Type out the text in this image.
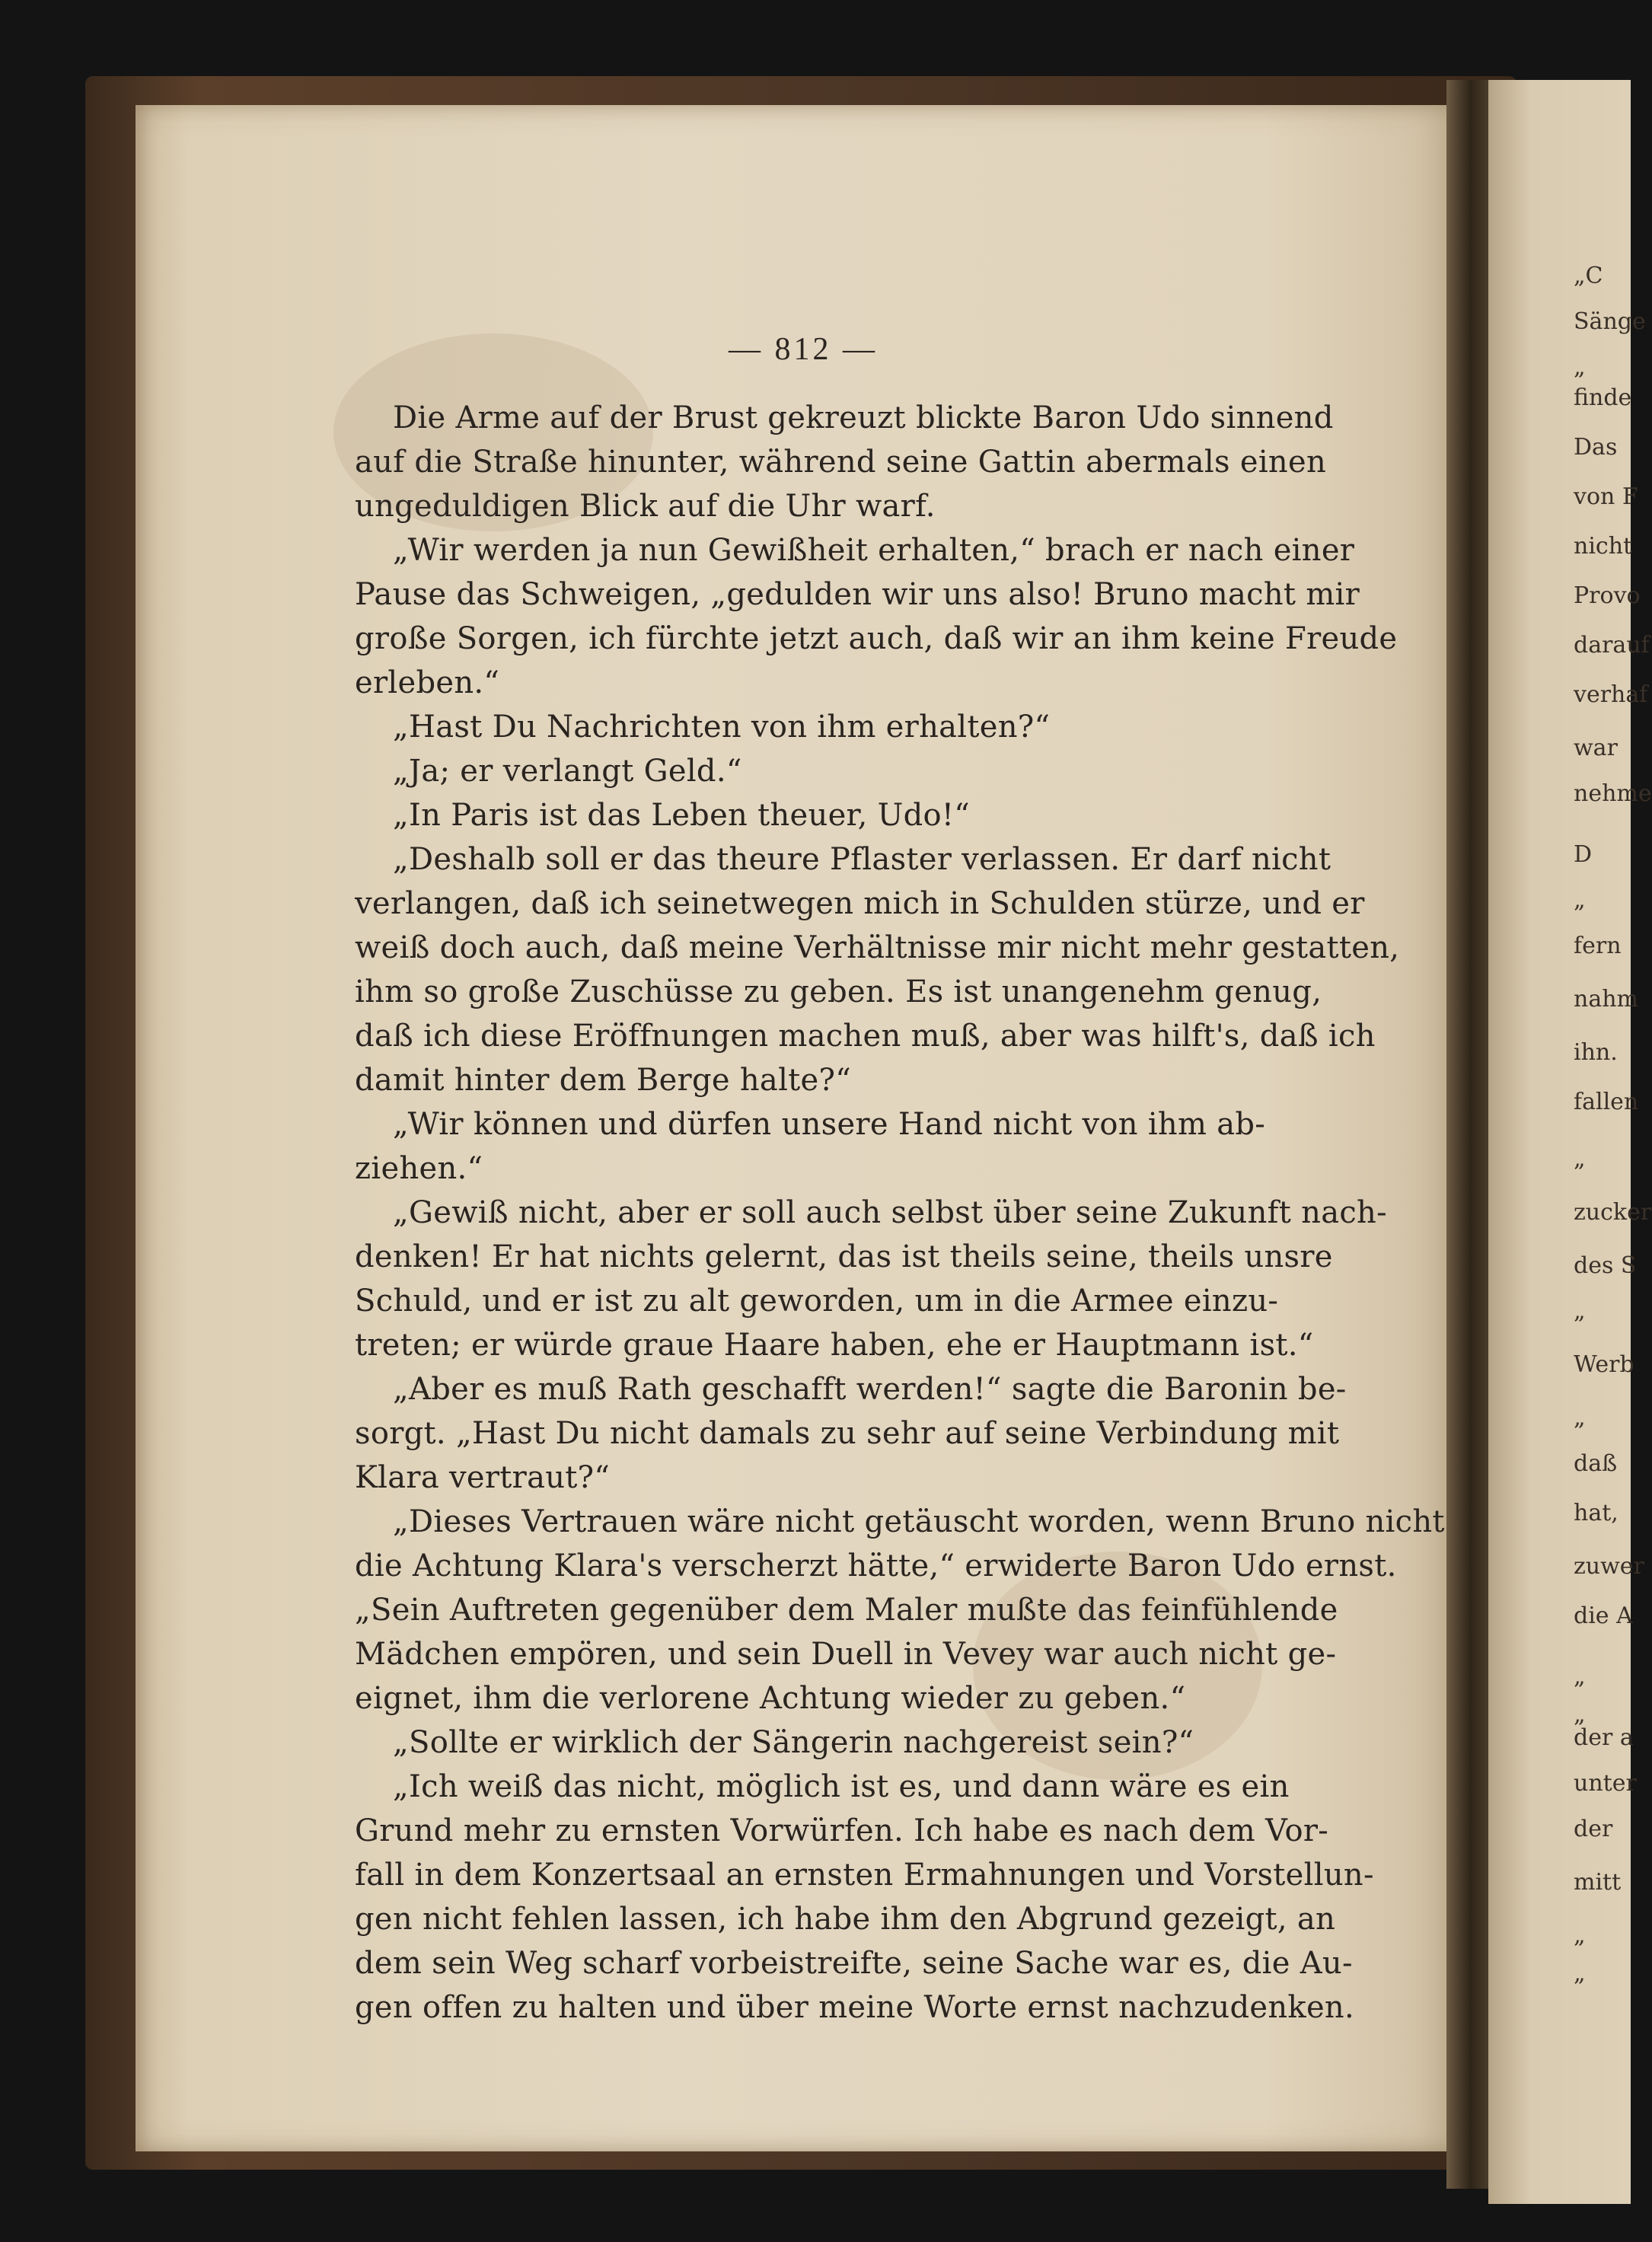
„C
Sänge
„
finde
Das
von F
nicht
Provo
darauf
verhaf
war
nehme
D
„
fern
nahm
ihn.
fallen
„
zucker
des S
„
Werb
„
daß
hat,
zuwer
die A
„
„
der a
unter
der
mitt
„
„
— 812 —
Die Arme auf der Brust gekreuzt blickte Baron Udo sinnend
auf die Straße hinunter, während seine Gattin abermals einen
ungeduldigen Blick auf die Uhr warf.
„Wir werden ja nun Gewißheit erhalten,“ brach er nach einer
Pause das Schweigen, „gedulden wir uns also! Bruno macht mir
große Sorgen, ich fürchte jetzt auch, daß wir an ihm keine Freude
erleben.“
„Hast Du Nachrichten von ihm erhalten?“
„Ja; er verlangt Geld.“
„In Paris ist das Leben theuer, Udo!“
„Deshalb soll er das theure Pflaster verlassen. Er darf nicht
verlangen, daß ich seinetwegen mich in Schulden stürze, und er
weiß doch auch, daß meine Verhältnisse mir nicht mehr gestatten,
ihm so große Zuschüsse zu geben. Es ist unangenehm genug,
daß ich diese Eröffnungen machen muß, aber was hilft's, daß ich
damit hinter dem Berge halte?“
„Wir können und dürfen unsere Hand nicht von ihm ab-
ziehen.“
„Gewiß nicht, aber er soll auch selbst über seine Zukunft nach-
denken! Er hat nichts gelernt, das ist theils seine, theils unsre
Schuld, und er ist zu alt geworden, um in die Armee einzu-
treten; er würde graue Haare haben, ehe er Hauptmann ist.“
„Aber es muß Rath geschafft werden!“ sagte die Baronin be-
sorgt. „Hast Du nicht damals zu sehr auf seine Verbindung mit
Klara vertraut?“
„Dieses Vertrauen wäre nicht getäuscht worden, wenn Bruno nicht
die Achtung Klara's verscherzt hätte,“ erwiderte Baron Udo ernst.
„Sein Auftreten gegenüber dem Maler mußte das feinfühlende
Mädchen empören, und sein Duell in Vevey war auch nicht ge-
eignet, ihm die verlorene Achtung wieder zu geben.“
„Sollte er wirklich der Sängerin nachgereist sein?“
„Ich weiß das nicht, möglich ist es, und dann wäre es ein
Grund mehr zu ernsten Vorwürfen. Ich habe es nach dem Vor-
fall in dem Konzertsaal an ernsten Ermahnungen und Vorstellun-
gen nicht fehlen lassen, ich habe ihm den Abgrund gezeigt, an
dem sein Weg scharf vorbeistreifte, seine Sache war es, die Au-
gen offen zu halten und über meine Worte ernst nachzudenken.
